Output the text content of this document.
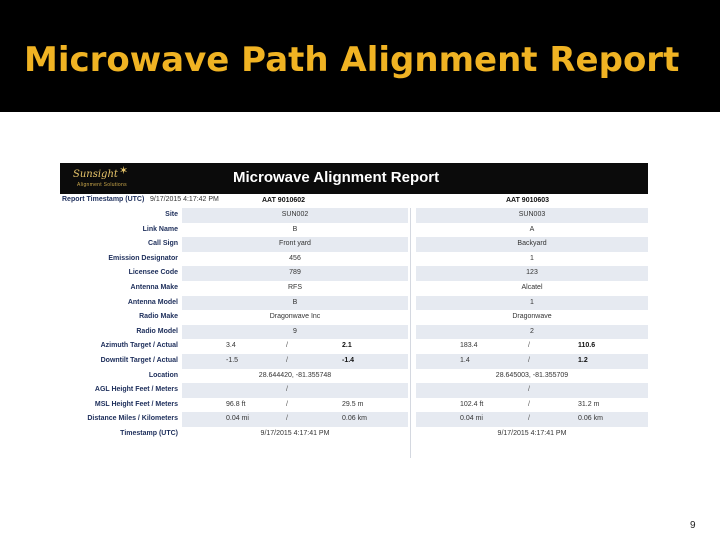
Microwave Path Alignment Report
Sunsight ✶
Alignment Solutions	Microwave Alignment Report
Report Timestamp (UTC) 9/17/2015 4:17:42 PM	AAT 9010602	AAT 9010603
Site	SUN002	SUN003
Link Name	B	A
Call Sign	Front yard	Backyard
Emission Designator	456	1
Licensee Code	789	123
Antenna Make	RFS	Alcatel
Antenna Model	B	1
Radio Make	Dragonwave Inc	Dragonwave
Radio Model	9	2
Azimuth Target / Actual	3.4	/	2.1	183.4	/	110.6
Downtilt Target / Actual	-1.5	/	-1.4	1.4	/	1.2
Location	28.644420, -81.355748	28.645003, -81.355709
AGL Height Feet / Meters	/	/
MSL Height Feet / Meters	96.8 ft	/	29.5 m	102.4 ft	/	31.2 m
Distance Miles / Kilometers	0.04 mi	/	0.06 km	0.04 mi	/	0.06 km
Timestamp (UTC)	9/17/2015 4:17:41 PM	9/17/2015 4:17:41 PM
9
